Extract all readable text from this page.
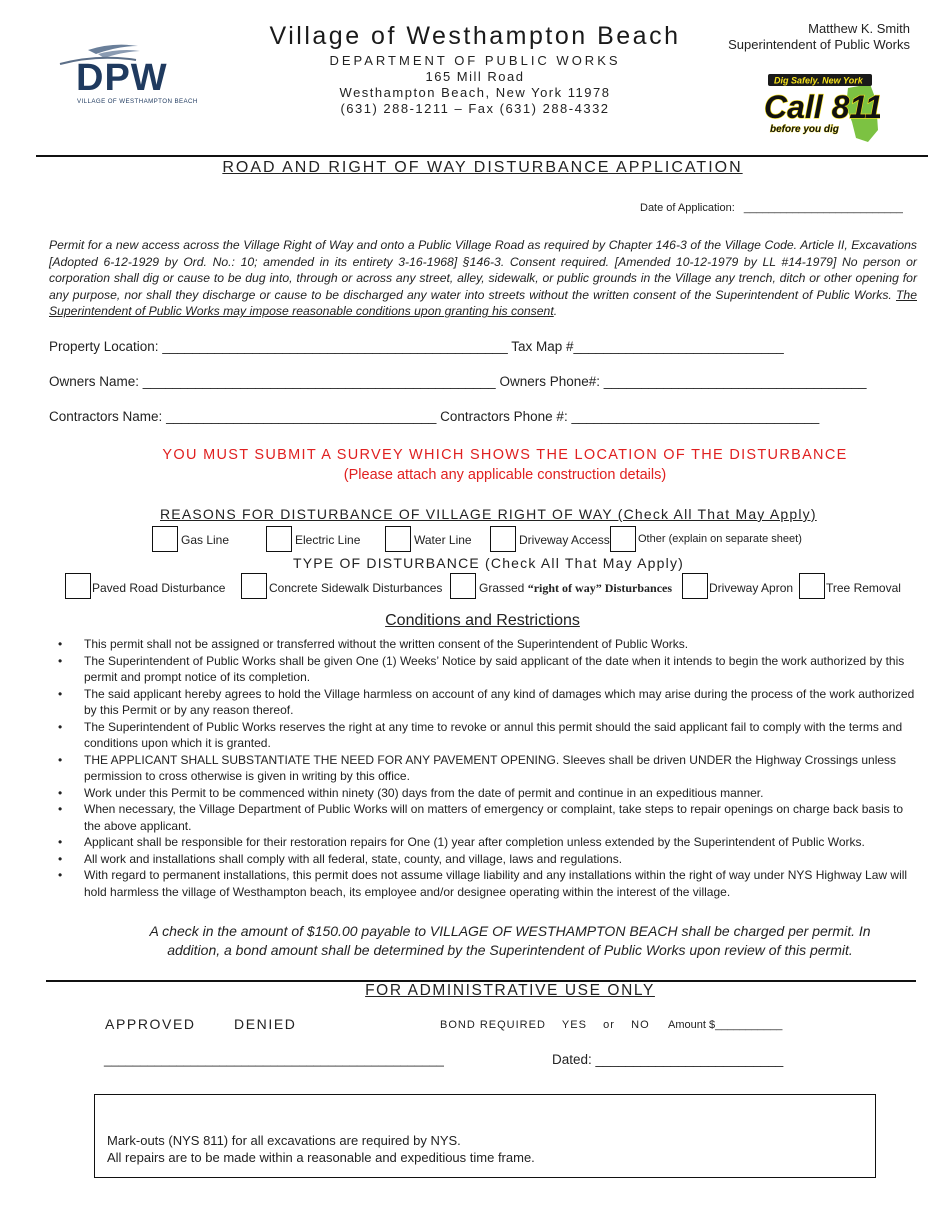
DPW
VILLAGE OF WESTHAMPTON BEACH
Village of Westhampton Beach
DEPARTMENT OF PUBLIC WORKS
165 Mill Road
Westhampton Beach, New York 11978
(631) 288-1211 – Fax (631) 288-4332
Matthew K. Smith
Superintendent of Public Works
Dig Safely. New York
Call 811
before you dig
ROAD AND RIGHT OF WAY DISTURBANCE APPLICATION
Date of Application: __________________________
Permit for a new access across the Village Right of Way and onto a Public Village Road as required by Chapter 146-3 of the Village Code. Article II, Excavations [Adopted 6-12-1929 by Ord. No.: 10; amended in its entirety 3-16-1968] §146-3. Consent required. [Amended 10-12-1979 by LL #14-1979] No person or corporation shall dig or cause to be dug into, through or across any street, alley, sidewalk, or public grounds in the Village any trench, ditch or other opening for any purpose, nor shall they discharge or cause to be discharged any water into streets without the written consent of the Superintendent of Public Works. The Superintendent of Public Works may impose reasonable conditions upon granting his consent.
Property Location: ______________________________________________ Tax Map #____________________________
Owners Name: _______________________________________________ Owners Phone#: ___________________________________
Contractors Name: ____________________________________ Contractors Phone #: _________________________________
YOU MUST SUBMIT A SURVEY WHICH SHOWS THE LOCATION OF THE DISTURBANCE
(Please attach any applicable construction details)
REASONS FOR DISTURBANCE OF VILLAGE RIGHT OF WAY (Check All That May Apply)
Gas Line	Electric Line	Water Line	Driveway Access	Other (explain on separate sheet)
TYPE OF DISTURBANCE (Check All That May Apply)
Paved Road Disturbance	Concrete Sidewalk Disturbances	Grassed “right of way” Disturbances	Driveway Apron	Tree Removal
Conditions and Restrictions
• This permit shall not be assigned or transferred without the written consent of the Superintendent of Public Works.
• The Superintendent of Public Works shall be given One (1) Weeks’ Notice by said applicant of the date when it intends to begin the work authorized by this permit and prompt notice of its completion.
• The said applicant hereby agrees to hold the Village harmless on account of any kind of damages which may arise during the process of the work authorized by this Permit or by any reason thereof.
• The Superintendent of Public Works reserves the right at any time to revoke or annul this permit should the said applicant fail to comply with the terms and conditions upon which it is granted.
• THE APPLICANT SHALL SUBSTANTIATE THE NEED FOR ANY PAVEMENT OPENING. Sleeves shall be driven UNDER the Highway Crossings unless permission to cross otherwise is given in writing by this office.
• Work under this Permit to be commenced within ninety (30) days from the date of permit and continue in an expeditious manner.
• When necessary, the Village Department of Public Works will on matters of emergency or complaint, take steps to repair openings on charge back basis to the above applicant.
• Applicant shall be responsible for their restoration repairs for One (1) year after completion unless extended by the Superintendent of Public Works.
• All work and installations shall comply with all federal, state, county, and village, laws and regulations.
• With regard to permanent installations, this permit does not assume village liability and any installations within the right of way under NYS Highway Law will hold harmless the village of Westhampton beach, its employee and/or designee operating within the interest of the village.
A check in the amount of $150.00 payable to VILLAGE OF WESTHAMPTON BEACH shall be charged per permit. In
addition, a bond amount shall be determined by the Superintendent of Public Works upon review of this permit.
FOR ADMINISTRATIVE USE ONLY
APPROVED	DENIED	BOND REQUIRED    YES    or    NO Amount $___________
_______________________________________________	Dated: _________________________
Mark-outs (NYS 811) for all excavations are required by NYS.
All repairs are to be made within a reasonable and expeditious time frame.
